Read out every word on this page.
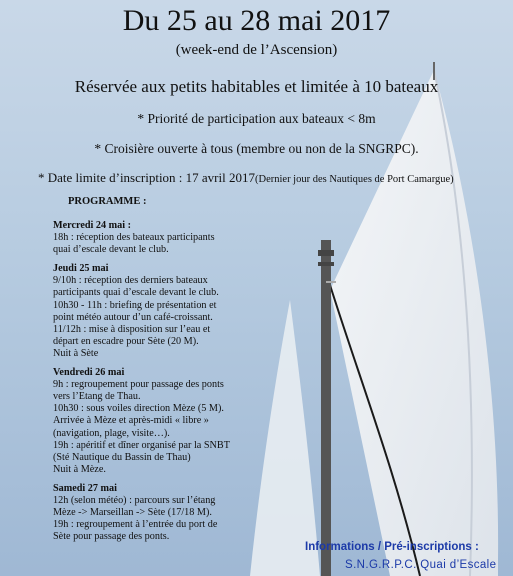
Du 25 au 28 mai 2017
(week-end de l’Ascension)
Réservée aux petits habitables et limitée à 10 bateaux
* Priorité de participation aux bateaux < 8m
* Croisière ouverte à tous (membre ou non de la SNGRPC).
* Date limite d’inscription : 17 avril 2017(Dernier jour des Nautiques de Port Camargue)
PROGRAMME :
Mercredi 24 mai :
18h : réception des bateaux participants
quai d’escale devant le club.
Jeudi 25 mai
9/10h : réception des derniers bateaux
participants quai d’escale devant le club.
10h30 - 11h : briefing de présentation et
point météo autour d’un café-croissant.
11/12h : mise à disposition sur l’eau et
départ en escadre pour Sète (20 M).
Nuit à Sète
Vendredi 26 mai
9h : regroupement pour passage des ponts
vers l’Etang de Thau.
10h30 : sous voiles direction Mèze (5 M).
Arrivée à Mèze et après-midi « libre »
(navigation, plage, visite…).
19h : apéritif et dîner organisé par la SNBT
(Sté Nautique du Bassin de Thau)
Nuit à Mèze.
Samedi 27 mai
12h (selon météo) : parcours sur l’étang
Mèze -> Marseillan -> Sète (17/18 M).
19h : regroupement à l’entrée du port de
Sète pour passage des ponts.
Informations / Pré-inscriptions :
S.N.G.R.P.C. Quai d’Escale
